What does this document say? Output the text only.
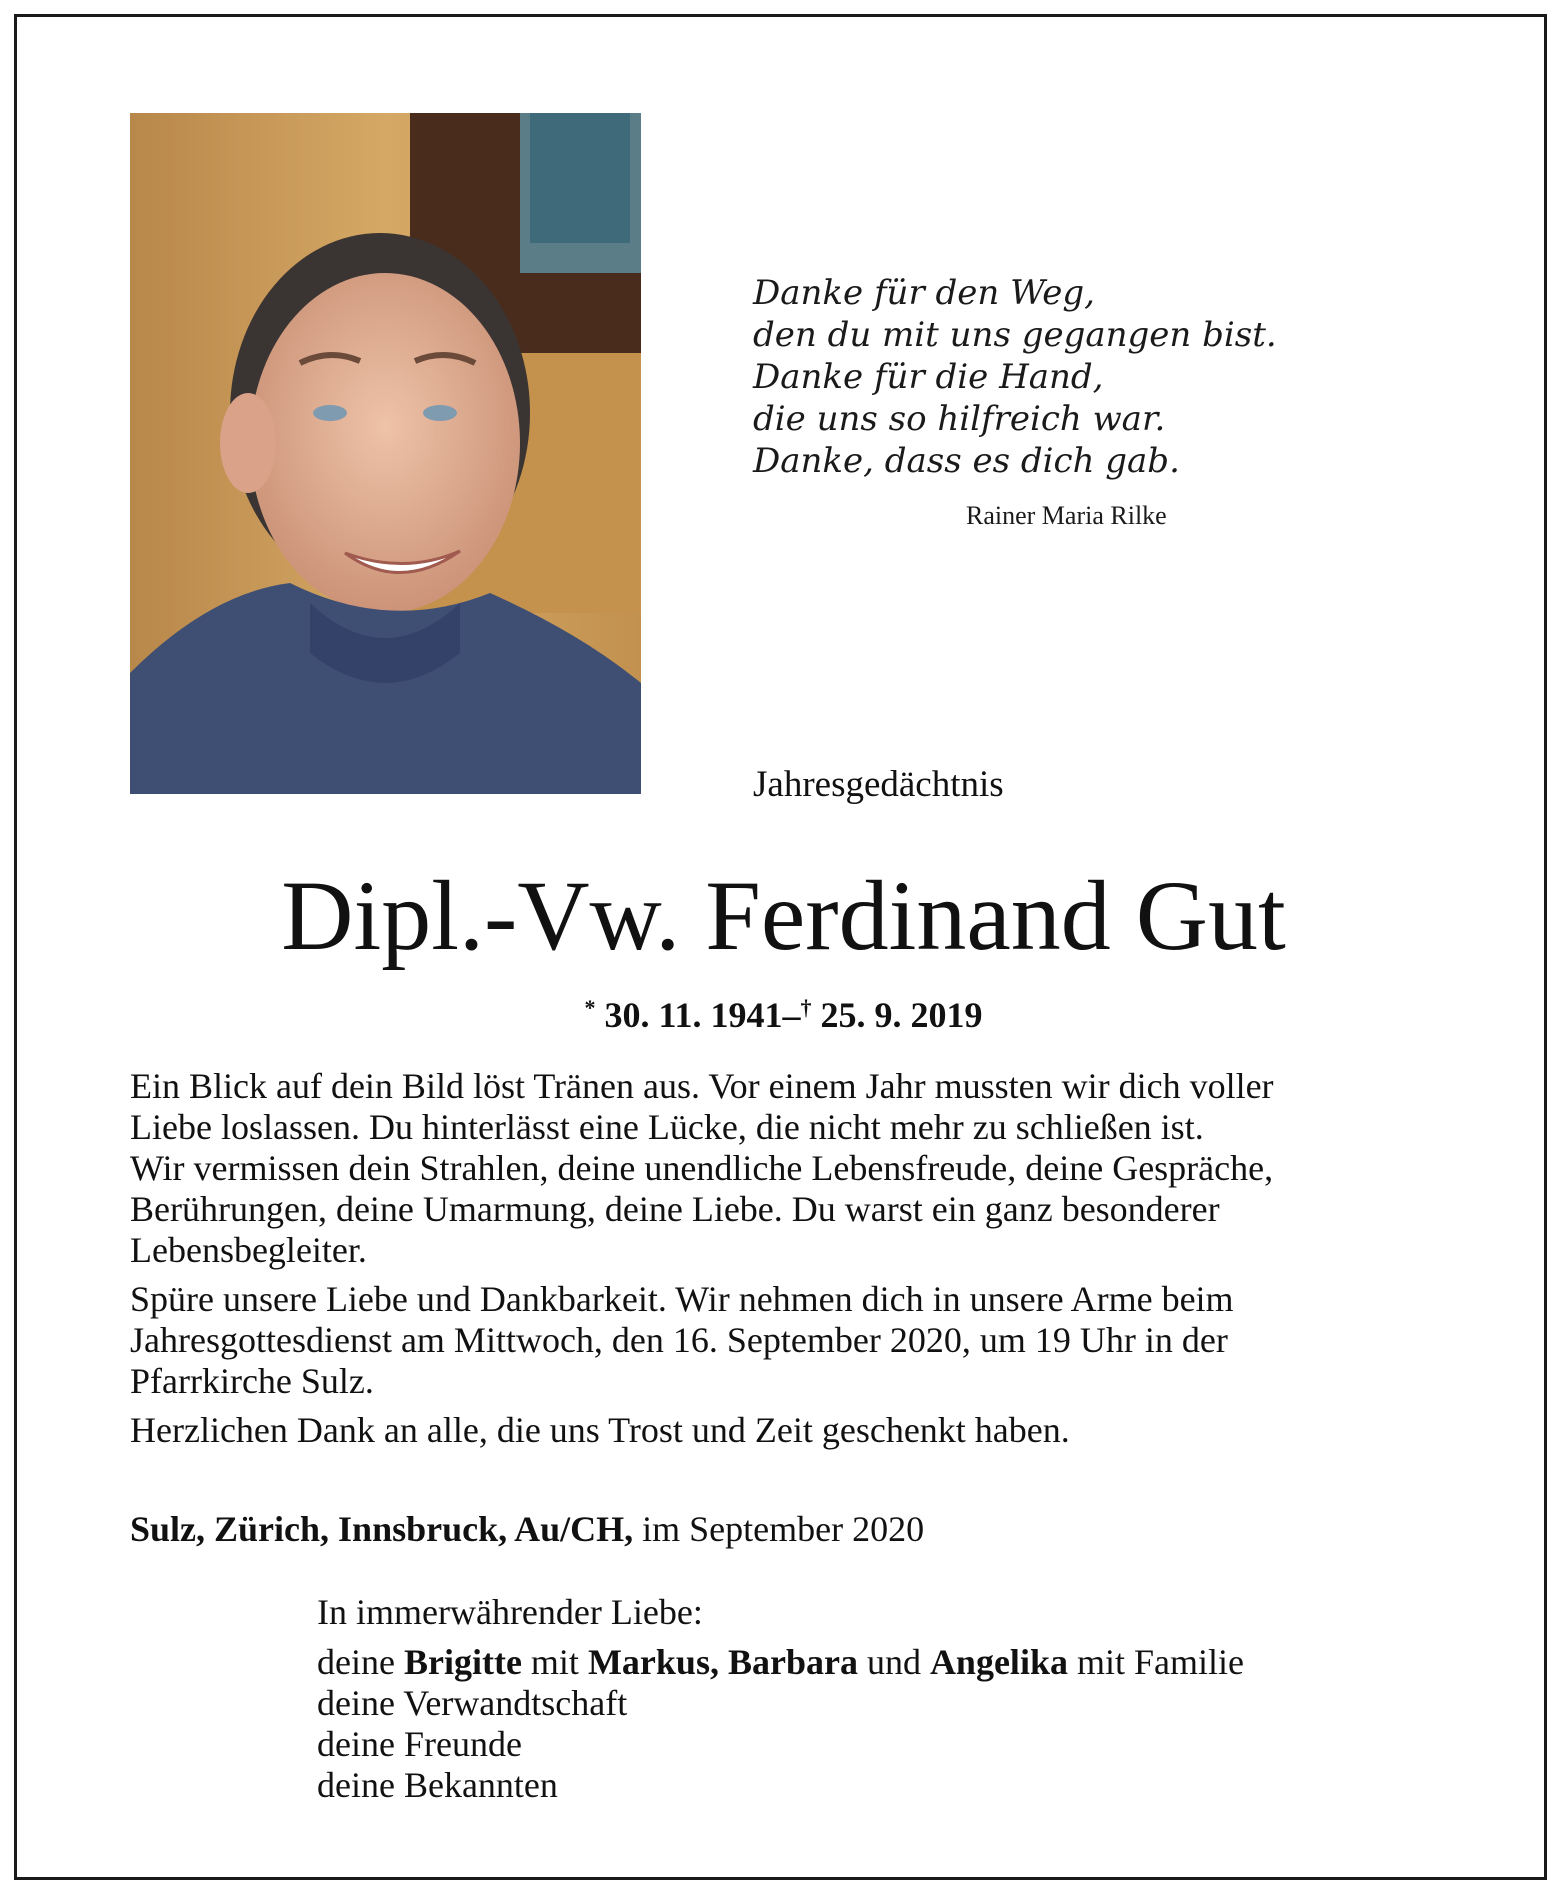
Danke für den Weg,
den du mit uns gegangen bist.
Danke für die Hand,
die uns so hilfreich war.
Danke, dass es dich gab.
Rainer Maria Rilke
Jahresgedächtnis
Dipl.-Vw. Ferdinand Gut
* 30. 11. 1941–† 25. 9. 2019
Ein Blick auf dein Bild löst Tränen aus. Vor einem Jahr mussten wir dich voller
Liebe loslassen. Du hinterlässt eine Lücke, die nicht mehr zu schließen ist.
Wir vermissen dein Strahlen, deine unendliche Lebensfreude, deine Gespräche,
Berührungen, deine Umarmung, deine Liebe. Du warst ein ganz besonderer
Lebensbegleiter.
Spüre unsere Liebe und Dankbarkeit. Wir nehmen dich in unsere Arme beim
Jahresgottesdienst am Mittwoch, den 16. September 2020, um 19 Uhr in der
Pfarrkirche Sulz.
Herzlichen Dank an alle, die uns Trost und Zeit geschenkt haben.
Sulz, Zürich, Innsbruck, Au/CH, im September 2020
In immerwährender Liebe:
deine Brigitte mit Markus, Barbara und Angelika mit Familie
deine Verwandtschaft
deine Freunde
deine Bekannten
